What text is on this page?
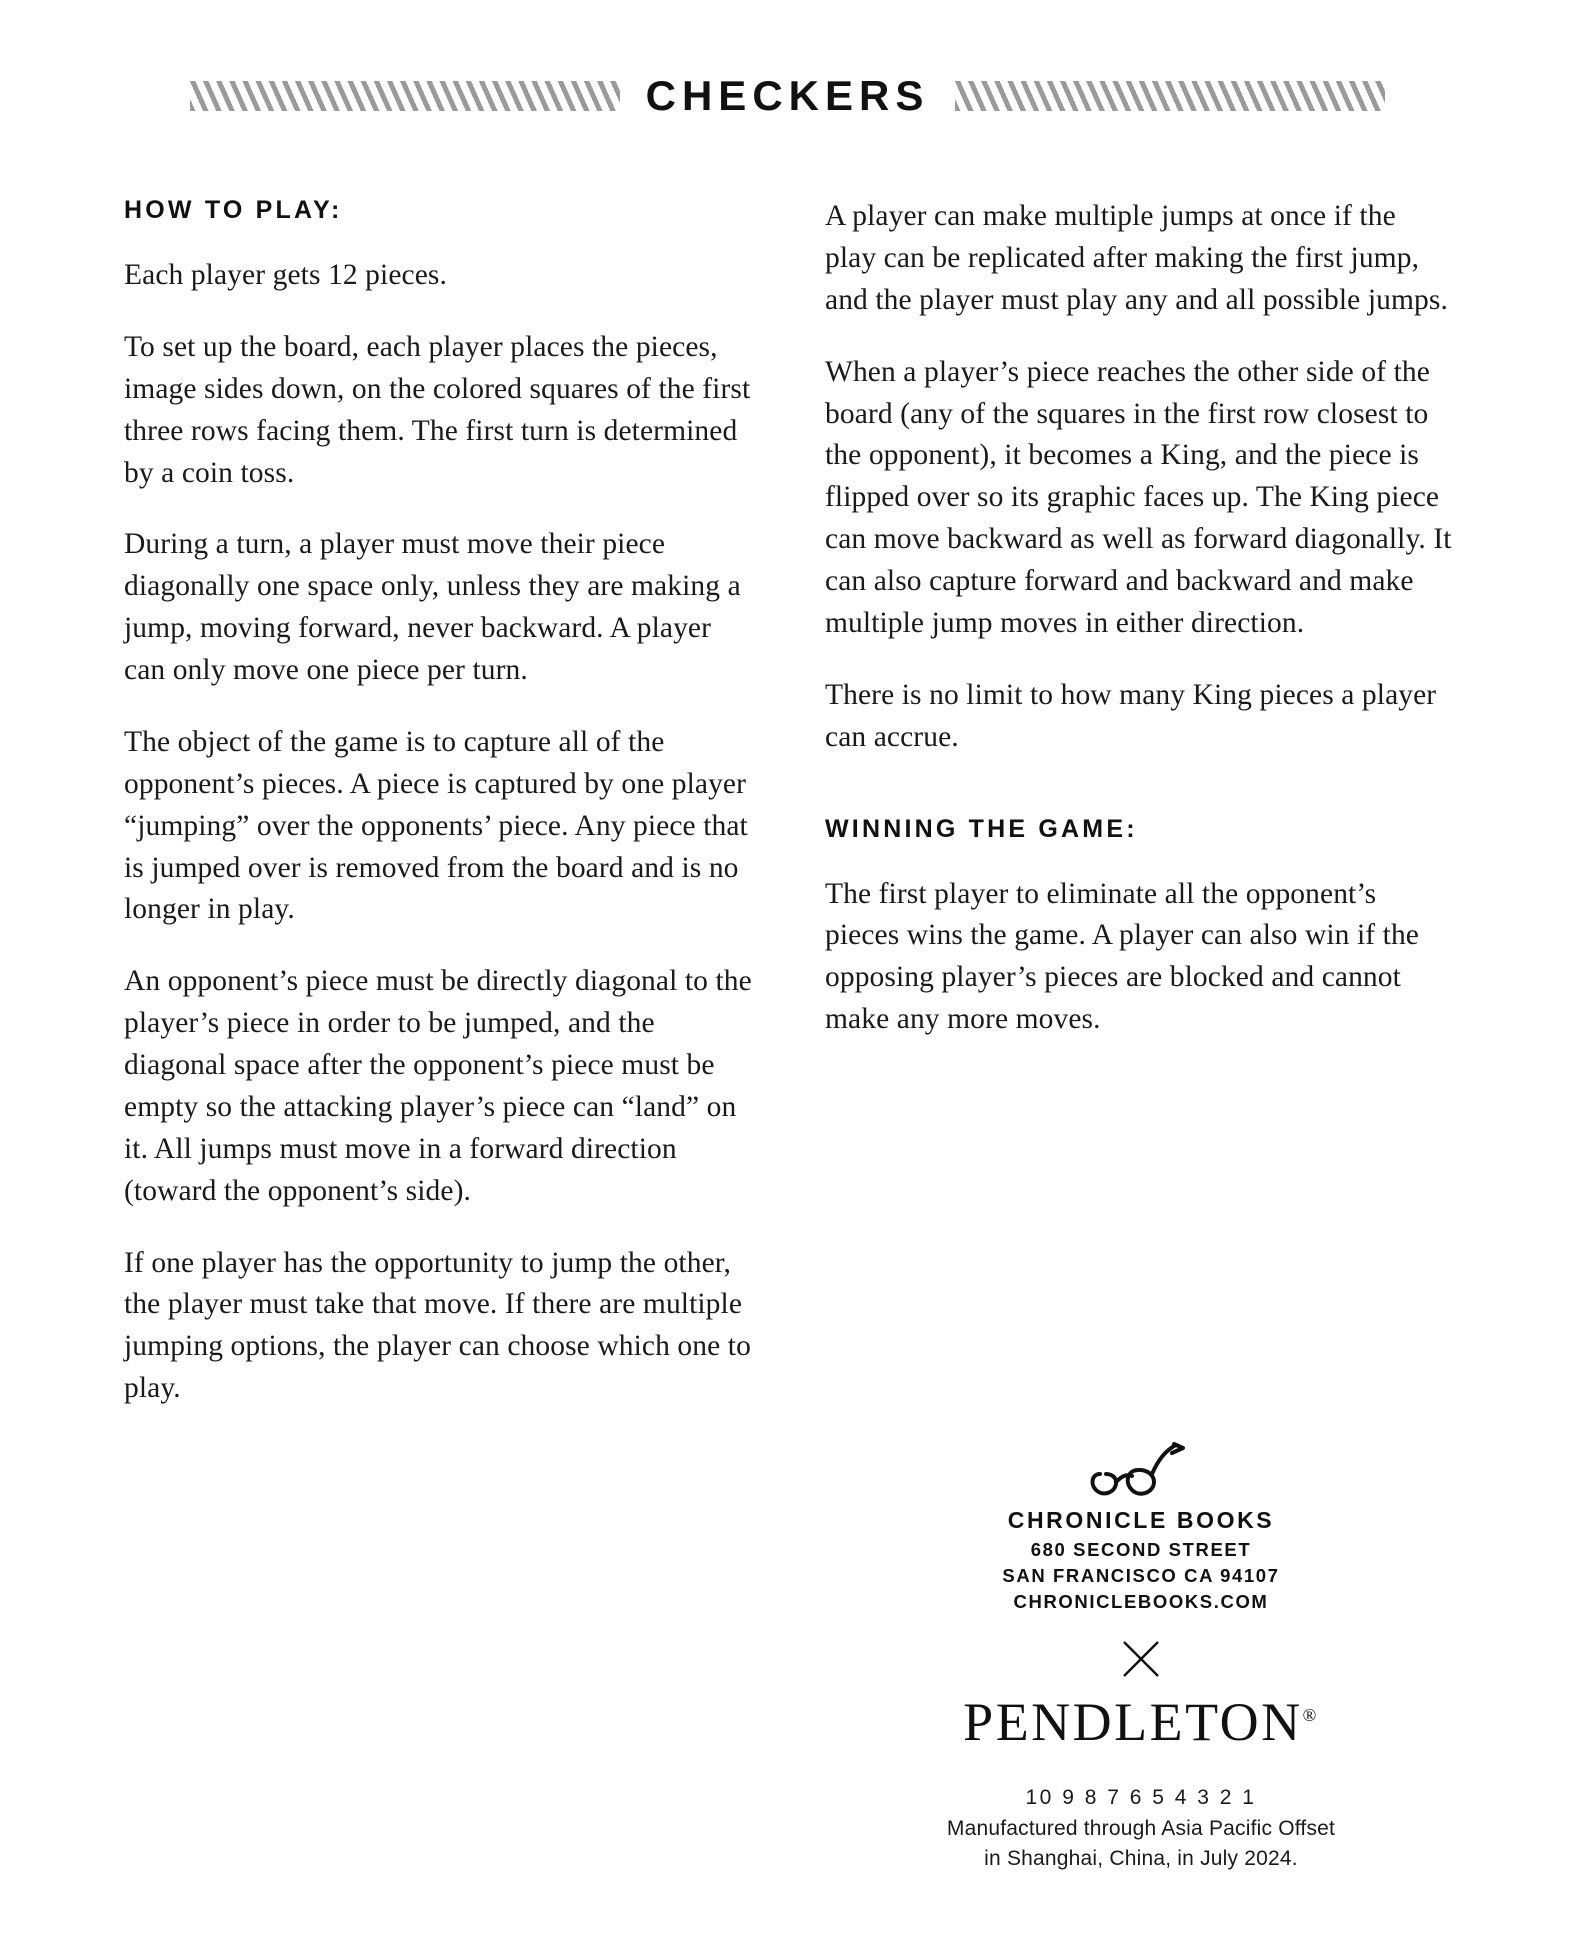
CHECKERS
HOW TO PLAY:

Each player gets 12 pieces.

To set up the board, each player places the pieces, image sides down, on the colored squares of the first three rows facing them. The first turn is determined by a coin toss.

During a turn, a player must move their piece diagonally one space only, unless they are making a jump, moving forward, never backward. A player can only move one piece per turn.

The object of the game is to capture all of the opponent’s pieces. A piece is captured by one player “jumping” over the opponents’ piece. Any piece that is jumped over is removed from the board and is no longer in play.

An opponent’s piece must be directly diagonal to the player’s piece in order to be jumped, and the diagonal space after the opponent’s piece must be empty so the attacking player’s piece can “land” on it. All jumps must move in a forward direction (toward the opponent’s side).

If one player has the opportunity to jump the other, the player must take that move. If there are multiple jumping options, the player can choose which one to play.

A player can make multiple jumps at once if the play can be replicated after making the first jump, and the player must play any and all possible jumps.

When a player’s piece reaches the other side of the board (any of the squares in the first row closest to the opponent), it becomes a King, and the piece is flipped over so its graphic faces up. The King piece can move backward as well as forward diagonally. It can also capture forward and backward and make multiple jump moves in either direction.

There is no limit to how many King pieces a player can accrue.

WINNING THE GAME:

The first player to eliminate all the opponent’s pieces wins the game. A player can also win if the opposing player’s pieces are blocked and cannot make any more moves.

CHRONICLE BOOKS
680 SECOND STREET
SAN FRANCISCO CA 94107
CHRONICLEBOOKS.COM
PENDLETON®
10 9 8 7 6 5 4 3 2 1
Manufactured through Asia Pacific Offset
in Shanghai, China, in July 2024.
